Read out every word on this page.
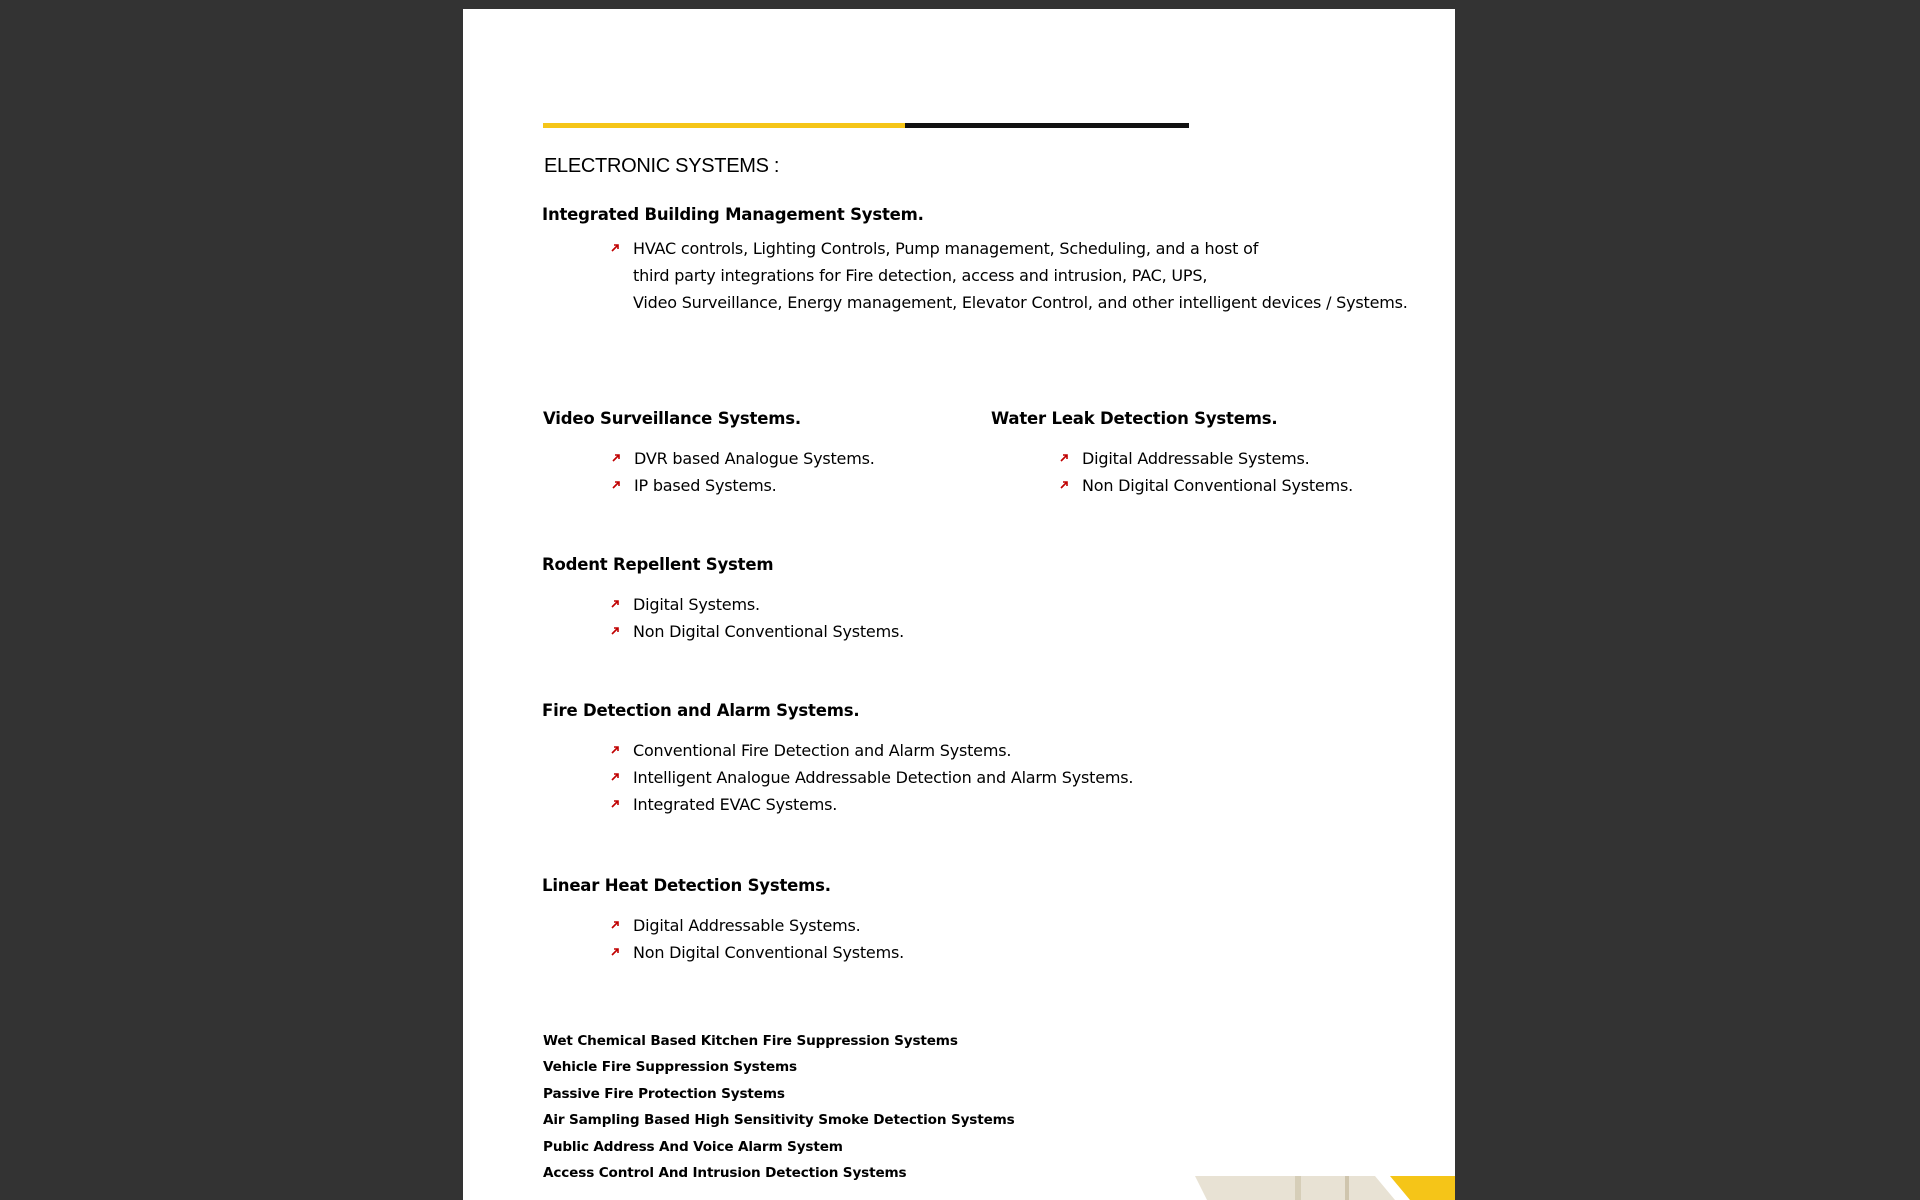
ELECTRONIC SYSTEMS :
Integrated Building Management System.
HVAC controls, Lighting Controls, Pump management, Scheduling, and a host of
third party integrations for Fire detection, access and intrusion, PAC, UPS,
Video Surveillance, Energy management, Elevator Control, and other intelligent devices / Systems.
Video Surveillance Systems.
DVR based Analogue Systems.
IP based Systems.
Water Leak Detection Systems.
Digital Addressable Systems.
Non Digital Conventional Systems.
Rodent Repellent System
Digital Systems.
Non Digital Conventional Systems.
Fire Detection and Alarm Systems.
Conventional Fire Detection and Alarm Systems.
Intelligent Analogue Addressable Detection and Alarm Systems.
Integrated EVAC Systems.
Linear Heat Detection Systems.
Digital Addressable Systems.
Non Digital Conventional Systems.
Wet Chemical Based Kitchen Fire Suppression Systems
Vehicle Fire Suppression Systems
Passive Fire Protection Systems
Air Sampling Based High Sensitivity Smoke Detection Systems
Public Address And Voice Alarm System
Access Control And Intrusion Detection Systems
